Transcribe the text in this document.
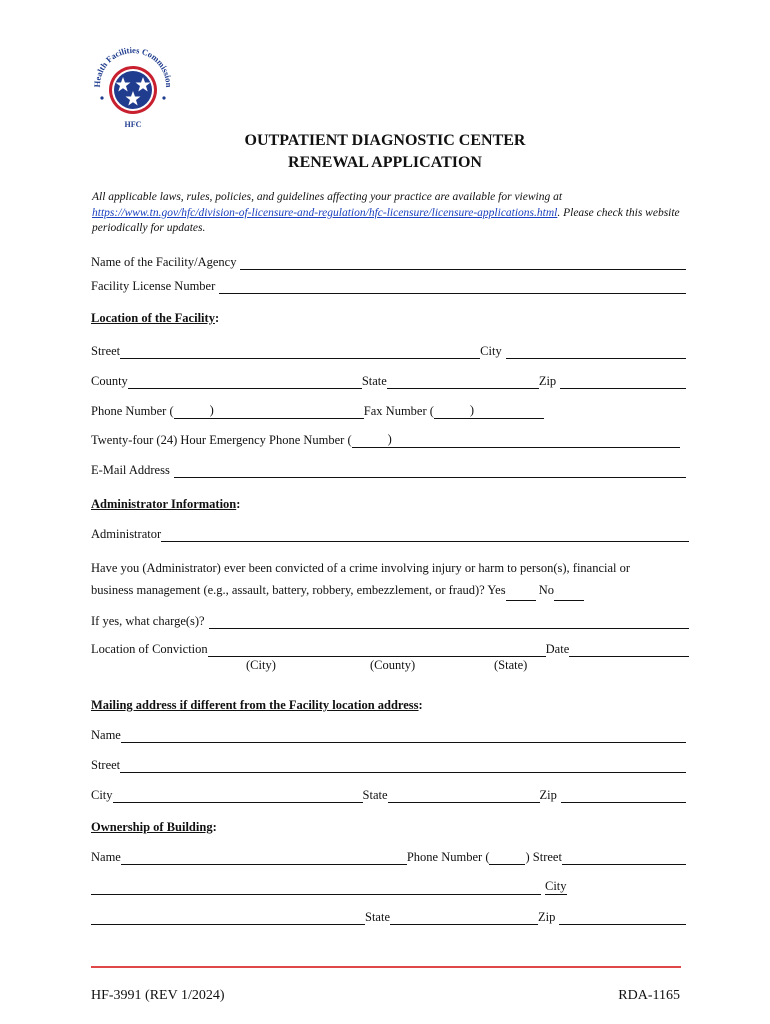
Health Facilities Commission
HFC
OUTPATIENT DIAGNOSTIC CENTER
RENEWAL APPLICATION
All applicable laws, rules, policies, and guidelines affecting your practice are available for viewing at https://www.tn.gov/hfc/division-of-licensure-and-regulation/hfc-licensure/licensure-applications.html. Please check this website periodically for updates.
Name of the Facility/Agency
Facility License Number
Location of the Facility:
Street	City
County	State	Zip
Phone Number (	)	Fax Number (	)
Twenty-four (24) Hour Emergency Phone Number (	)
E-Mail Address
Administrator Information:
Administrator
Have you (Administrator) ever been convicted of a crime involving injury or harm to person(s), financial or
business management (e.g., assault, battery, robbery, embezzlement, or fraud)? Yes	No
If yes, what charge(s)?
Location of Conviction	Date
(City)	(County)	(State)
Mailing address if different from the Facility location address:
Name
Street
City	State	Zip
Ownership of Building:
Name	Phone Number (	) Street
City
State	Zip
HF-3991 (REV 1/2024)	RDA-1165
